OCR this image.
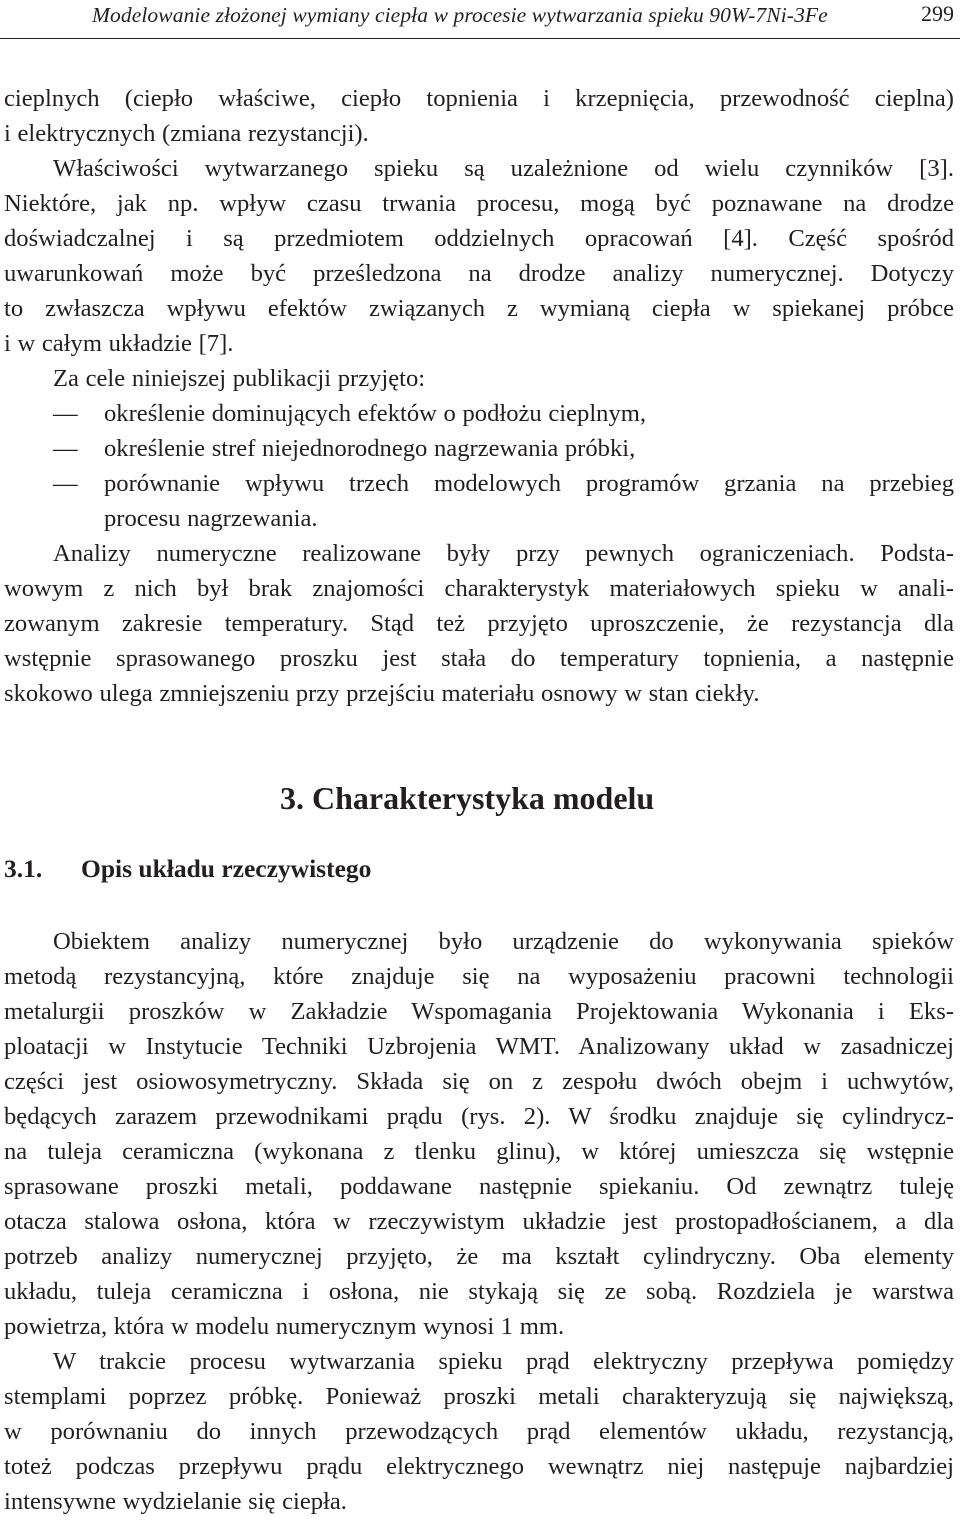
Modelowanie złożonej wymiany ciepła w procesie wytwarzania spieku 90W-7Ni-3Fe	299
cieplnych (ciepło właściwe, ciepło topnienia i krzepnięcia, przewodność cieplna)
i elektrycznych (zmiana rezystancji).
Właściwości wytwarzanego spieku są uzależnione od wielu czynników [3].
Niektóre, jak np. wpływ czasu trwania procesu, mogą być poznawane na drodze
doświadczalnej i są przedmiotem oddzielnych opracowań [4]. Część spośród
uwarunkowań może być prześledzona na drodze analizy numerycznej. Dotyczy
to zwłaszcza wpływu efektów związanych z wymianą ciepła w spiekanej próbce
i w całym układzie [7].
Za cele niniejszej publikacji przyjęto:
— określenie dominujących efektów o podłożu cieplnym,
— określenie stref niejednorodnego nagrzewania próbki,
— porównanie wpływu trzech modelowych programów grzania na przebieg
procesu nagrzewania.
Analizy numeryczne realizowane były przy pewnych ograniczeniach. Podsta-
wowym z nich był brak znajomości charakterystyk materiałowych spieku w anali-
zowanym zakresie temperatury. Stąd też przyjęto uproszczenie, że rezystancja dla
wstępnie sprasowanego proszku jest stała do temperatury topnienia, a następnie
skokowo ulega zmniejszeniu przy przejściu materiału osnowy w stan ciekły.
3. Charakterystyka modelu
3.1. Opis układu rzeczywistego
Obiektem analizy numerycznej było urządzenie do wykonywania spieków
metodą rezystancyjną, które znajduje się na wyposażeniu pracowni technologii
metalurgii proszków w Zakładzie Wspomagania Projektowania Wykonania i Eks-
ploatacji w Instytucie Techniki Uzbrojenia WMT. Analizowany układ w zasadniczej
części jest osiowosymetryczny. Składa się on z zespołu dwóch obejm i uchwytów,
będących zarazem przewodnikami prądu (rys. 2). W środku znajduje się cylindrycz-
na tuleja ceramiczna (wykonana z tlenku glinu), w której umieszcza się wstępnie
sprasowane proszki metali, poddawane następnie spiekaniu. Od zewnątrz tuleję
otacza stalowa osłona, która w rzeczywistym układzie jest prostopadłościanem, a dla
potrzeb analizy numerycznej przyjęto, że ma kształt cylindryczny. Oba elementy
układu, tuleja ceramiczna i osłona, nie stykają się ze sobą. Rozdziela je warstwa
powietrza, która w modelu numerycznym wynosi 1 mm.
W trakcie procesu wytwarzania spieku prąd elektryczny przepływa pomiędzy
stemplami poprzez próbkę. Ponieważ proszki metali charakteryzują się największą,
w porównaniu do innych przewodzących prąd elementów układu, rezystancją,
toteż podczas przepływu prądu elektrycznego wewnątrz niej następuje najbardziej
intensywne wydzielanie się ciepła.
